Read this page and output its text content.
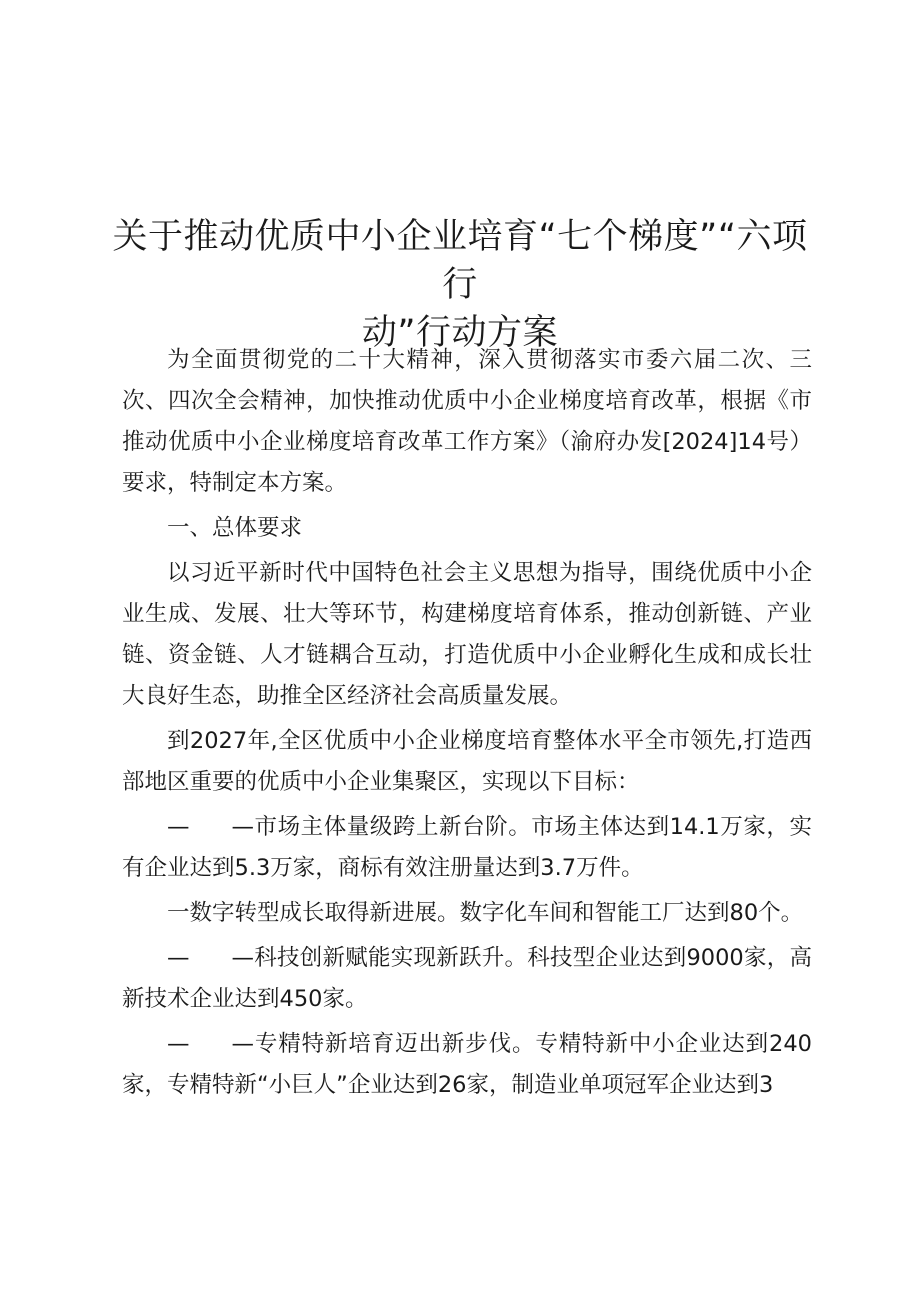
关于推动优质中小企业培育“七个梯度”“六项行
动”行动方案

为全面贯彻党的二十大精神，深入贯彻落实市委六届二次、三次、四次全会精神，加快推动优质中小企业梯度培育改革，根据《市推动优质中小企业梯度培育改革工作方案》（渝府办发[2024]14号）要求，特制定本方案。

一、总体要求

以习近平新时代中国特色社会主义思想为指导，围绕优质中小企业生成、发展、壮大等环节，构建梯度培育体系，推动创新链、产业链、资金链、人才链耦合互动，打造优质中小企业孵化生成和成长壮大良好生态，助推全区经济社会高质量发展。

到2027年,全区优质中小企业梯度培育整体水平全市领先,打造西部地区重要的优质中小企业集聚区，实现以下目标：

— —市场主体量级跨上新台阶。市场主体达到14.1万家，实有企业达到5.3万家，商标有效注册量达到3.7万件。

一数字转型成长取得新进展。数字化车间和智能工厂达到80个。

— —科技创新赋能实现新跃升。科技型企业达到9000家，高新技术企业达到450家。

— —专精特新培育迈出新步伐。专精特新中小企业达到240家，专精特新“小巨人”企业达到26家，制造业单项冠军企业达到3
